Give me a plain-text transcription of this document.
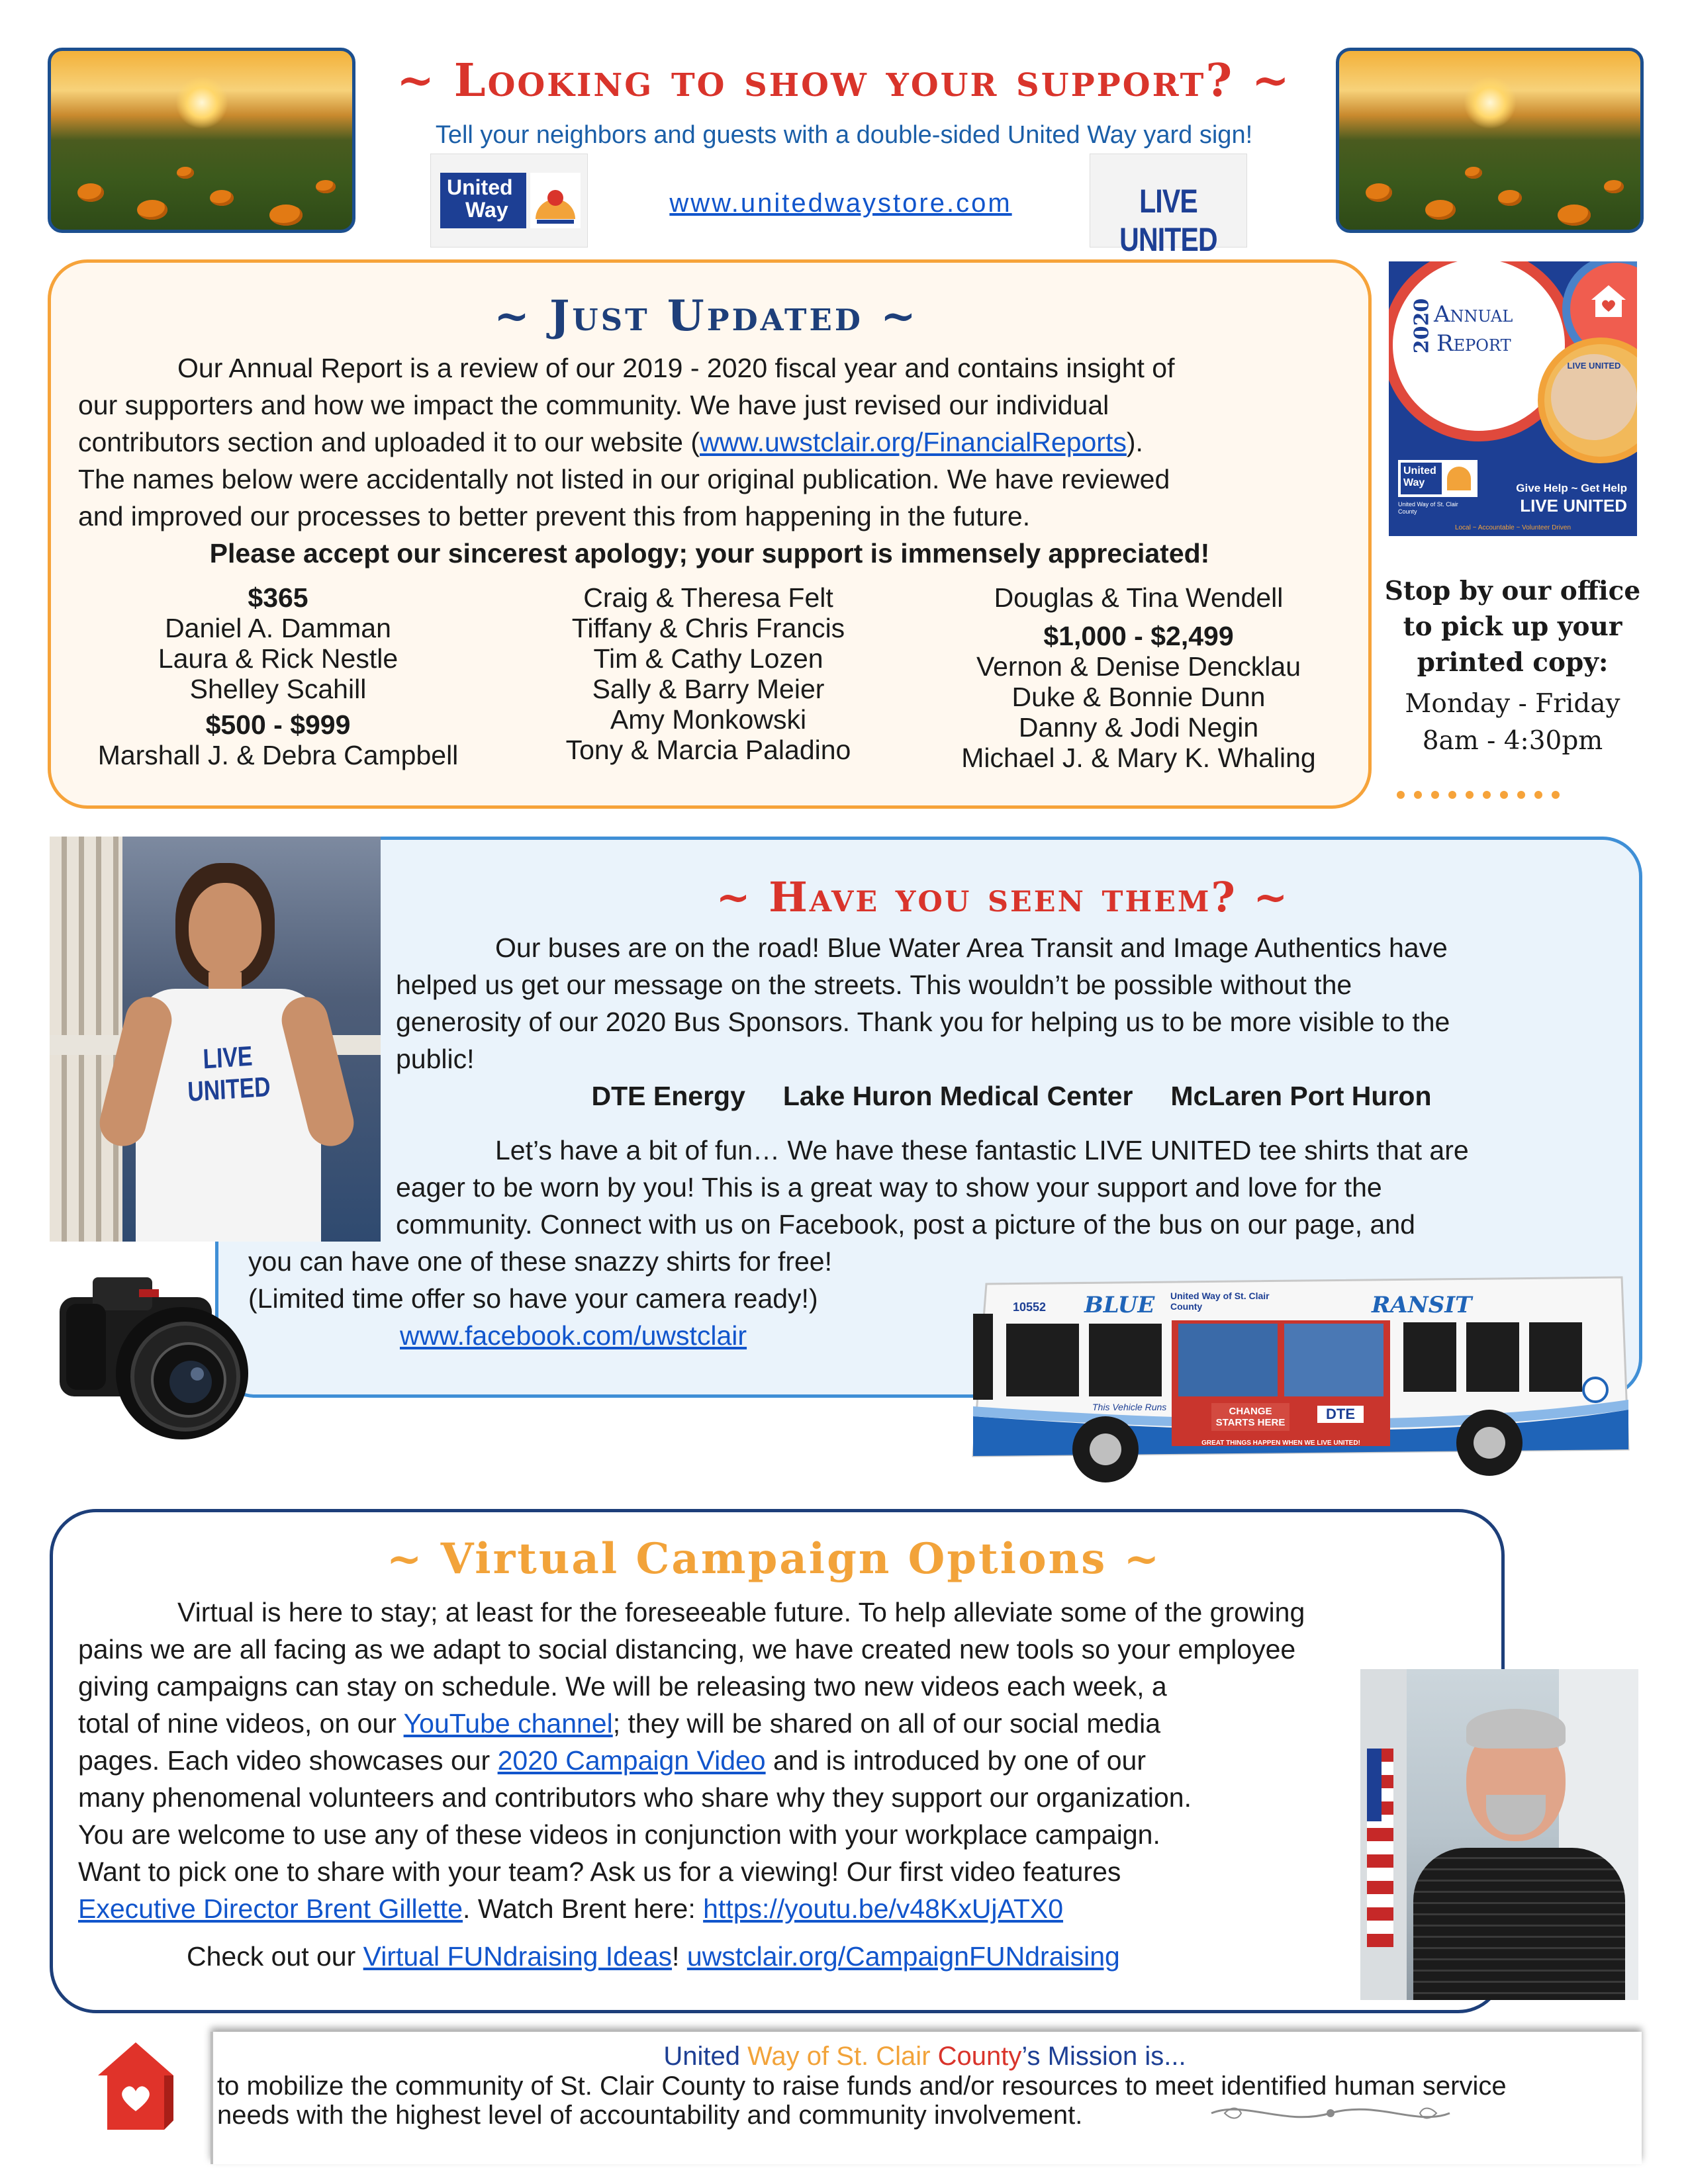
~ Looking to show your support? ~
Tell your neighbors and guests with a double-sided United Way yard sign!
United
Way	www.unitedwaystore.com	LIVE UNITED
~ Just Updated ~
Our Annual Report is a review of our 2019 - 2020 fiscal year and contains insight of
our supporters and how we impact the community. We have just revised our individual
contributors section and uploaded it to our website (www.uwstclair.org/FinancialReports).
The names below were accidentally not listed in our original publication. We have reviewed
and improved our processes to better prevent this from happening in the future.
Please accept our sincerest apology; your support is immensely appreciated!
$365
Daniel A. Damman
Laura & Rick Nestle
Shelley Scahill
$500 - $999
Marshall J. & Debra Campbell
Craig & Theresa Felt
Tiffany & Chris Francis
Tim & Cathy Lozen
Sally & Barry Meier
Amy Monkowski
Tony & Marcia Paladino
Douglas & Tina Wendell
$1,000 - $2,499
Vernon & Denise Dencklau
Duke & Bonnie Dunn
Danny & Jodi Negin
Michael J. & Mary K. Whaling
LIVE UNITED
2020 Annual
Report
United
Way
United Way of St. Clair County
Give Help ~ Get Help
LIVE UNITED
Local ~ Accountable ~ Volunteer Driven
Stop by our office
to pick up your
printed copy:
Monday - Friday
8am - 4:30pm
LIVE UNITED
~ Have you seen them? ~
Our buses are on the road! Blue Water Area Transit and Image Authentics have
helped us get our message on the streets. This wouldn’t be possible without the
generosity of our 2020 Bus Sponsors. Thank you for helping us to be more visible to the
public!
DTE Energy Lake Huron Medical Center McLaren Port Huron
Let’s have a bit of fun… We have these fantastic LIVE UNITED tee shirts that are
eager to be worn by you! This is a great way to show your support and love for the
community. Connect with us on Facebook, post a picture of the bus on our page, and
you can have one of these snazzy shirts for free!
(Limited time offer so have your camera ready!)
www.facebook.com/uwstclair
10552 BLUE United Way of St. Clair County	RANSIT
This Vehicle Runs	CHANGE STARTS HERE
DTE
GREAT THINGS HAPPEN WHEN WE LIVE UNITED!
~ Virtual Campaign Options ~
Virtual is here to stay; at least for the foreseeable future. To help alleviate some of the growing
pains we are all facing as we adapt to social distancing, we have created new tools so your employee
giving campaigns can stay on schedule. We will be releasing two new videos each week, a
total of nine videos, on our YouTube channel; they will be shared on all of our social media
pages. Each video showcases our 2020 Campaign Video and is introduced by one of our
many phenomenal volunteers and contributors who share why they support our organization.
You are welcome to use any of these videos in conjunction with your workplace campaign.
Want to pick one to share with your team? Ask us for a viewing! Our first video features
Executive Director Brent Gillette. Watch Brent here: https://youtu.be/v48KxUjATX0
Check out our Virtual FUNdraising Ideas! uwstclair.org/CampaignFUNdraising
United Way of St. Clair County’s Mission is...
to mobilize the community of St. Clair County to raise funds and/or resources to meet identified human service
needs with the highest level of accountability and community involvement.
